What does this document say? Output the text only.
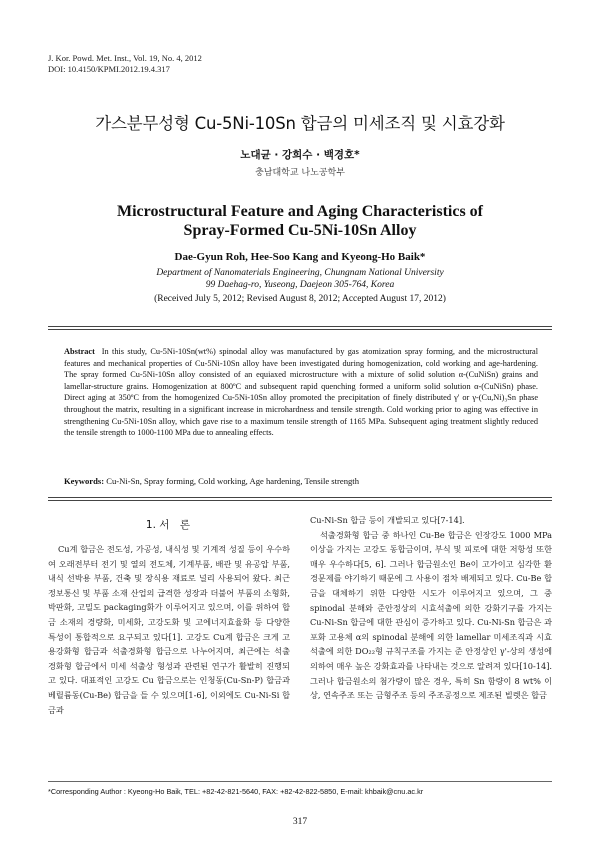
J. Kor. Powd. Met. Inst., Vol. 19, No. 4, 2012
DOI: 10.4150/KPMI.2012.19.4.317
가스분무성형 Cu-5Ni-10Sn 합금의 미세조직 및 시효강화
노대균 · 강희수 · 백경호*
충남대학교 나노공학부
Microstructural Feature and Aging Characteristics of
Spray-Formed Cu-5Ni-10Sn Alloy
Dae-Gyun Roh, Hee-Soo Kang and Kyeong-Ho Baik*
Department of Nanomaterials Engineering, Chungnam National University
99 Daehag-ro, Yuseong, Daejeon 305-764, Korea
(Received July 5, 2012; Revised August 8, 2012; Accepted August 17, 2012)
Abstract In this study, Cu-5Ni-10Sn(wt%) spinodal alloy was manufactured by gas atomization spray forming, and the microstructural features and mechanical properties of Cu-5Ni-10Sn alloy have been investigated during homogenization, cold working and age-hardening. The spray formed Cu-5Ni-10Sn alloy consisted of an equiaxed microstructure with a mixture of solid solution α-(CuNiSn) grains and lamellar-structure grains. Homogenization at 800ºC and subsequent rapid quenching formed a uniform solid solution α-(CuNiSn) phase. Direct aging at 350ºC from the homogenized Cu-5Ni-10Sn alloy promoted the precipitation of finely distributed γ' or γ-(Cu,Ni)₃Sn phase throughout the matrix, resulting in a significant increase in microhardness and tensile strength. Cold working prior to aging was effective in strengthening Cu-5Ni-10Sn alloy, which gave rise to a maximum tensile strength of 1165 MPa. Subsequent aging treatment slightly reduced the tensile strength to 1000-1100 MPa due to annealing effects.
Keywords: Cu-Ni-Sn, Spray forming, Cold working, Age hardening, Tensile strength
1. 서　론

Cu계 합금은 전도성, 가공성, 내식성 및 기계적 성질 등이 우수하여 오래전부터 전기 및 열의 전도체, 기계부품, 배관 및 유공압 부품, 내식 선박용 부품, 건축 및 장식용 재료로 널리 사용되어 왔다. 최근 정보통신 및 부품 소재 산업의 급격한 성장과 더불어 부품의 소형화, 박판화, 고밀도 packaging화가 이루어지고 있으며, 이를 위하여 합금 소재의 경량화, 미세화, 고강도화 및 고에너지효율화 등 다양한 특성이 통합적으로 요구되고 있다[1]. 고강도 Cu계 합금은 크게 고용강화형 합금과 석출경화형 합금으로 나누어지며, 최근에는 석출 경화형 합금에서 미세 석출상 형성과 관련된 연구가 활발히 진행되고 있다. 대표적인 고강도 Cu 합금으로는 인청동(Cu-Sn-P) 합금과 베릴륨동(Cu-Be) 합금을 들 수 있으며[1-6], 이외에도 Cu-Ni-Si 합금과

Cu-Ni-Sn 합금 등이 개발되고 있다[7-14].

석출경화형 합금 중 하나인 Cu-Be 합금은 인장강도 1000 MPa 이상을 가지는 고강도 동합금이며, 부식 및 피로에 대한 저항성 또한 매우 우수하다[5, 6]. 그러나 합금원소인 Be이 고가이고 심각한 환경문제를 야기하기 때문에 그 사용이 점차 배제되고 있다. Cu-Be 합금을 대체하기 위한 다양한 시도가 이루어지고 있으며, 그 중 spinodal 분해와 준안정상의 시효석출에 의한 강화기구를 가지는 Cu-Ni-Sn 합금에 대한 관심이 증가하고 있다. Cu-Ni-Sn 합금은 과포화 고용체 α의 spinodal 분해에 의한 lamellar 미세조직과 시효석출에 의한 DO₂₂형 규칙구조를 가지는 준 안정상인 γ'-상의 생성에 의하여 매우 높은 강화효과를 나타내는 것으로 알려져 있다[10-14]. 그러나 합금원소의 첨가량이 많은 경우, 특히 Sn 함량이 8 wt% 이상, 연속주조 또는 금형주조 등의 주조공정으로 제조된 빌렛은 합금

*Corresponding Author : Kyeong-Ho Baik, TEL: +82-42-821-5640, FAX: +82-42-822-5850, E-mail: khbaik@cnu.ac.kr
317
